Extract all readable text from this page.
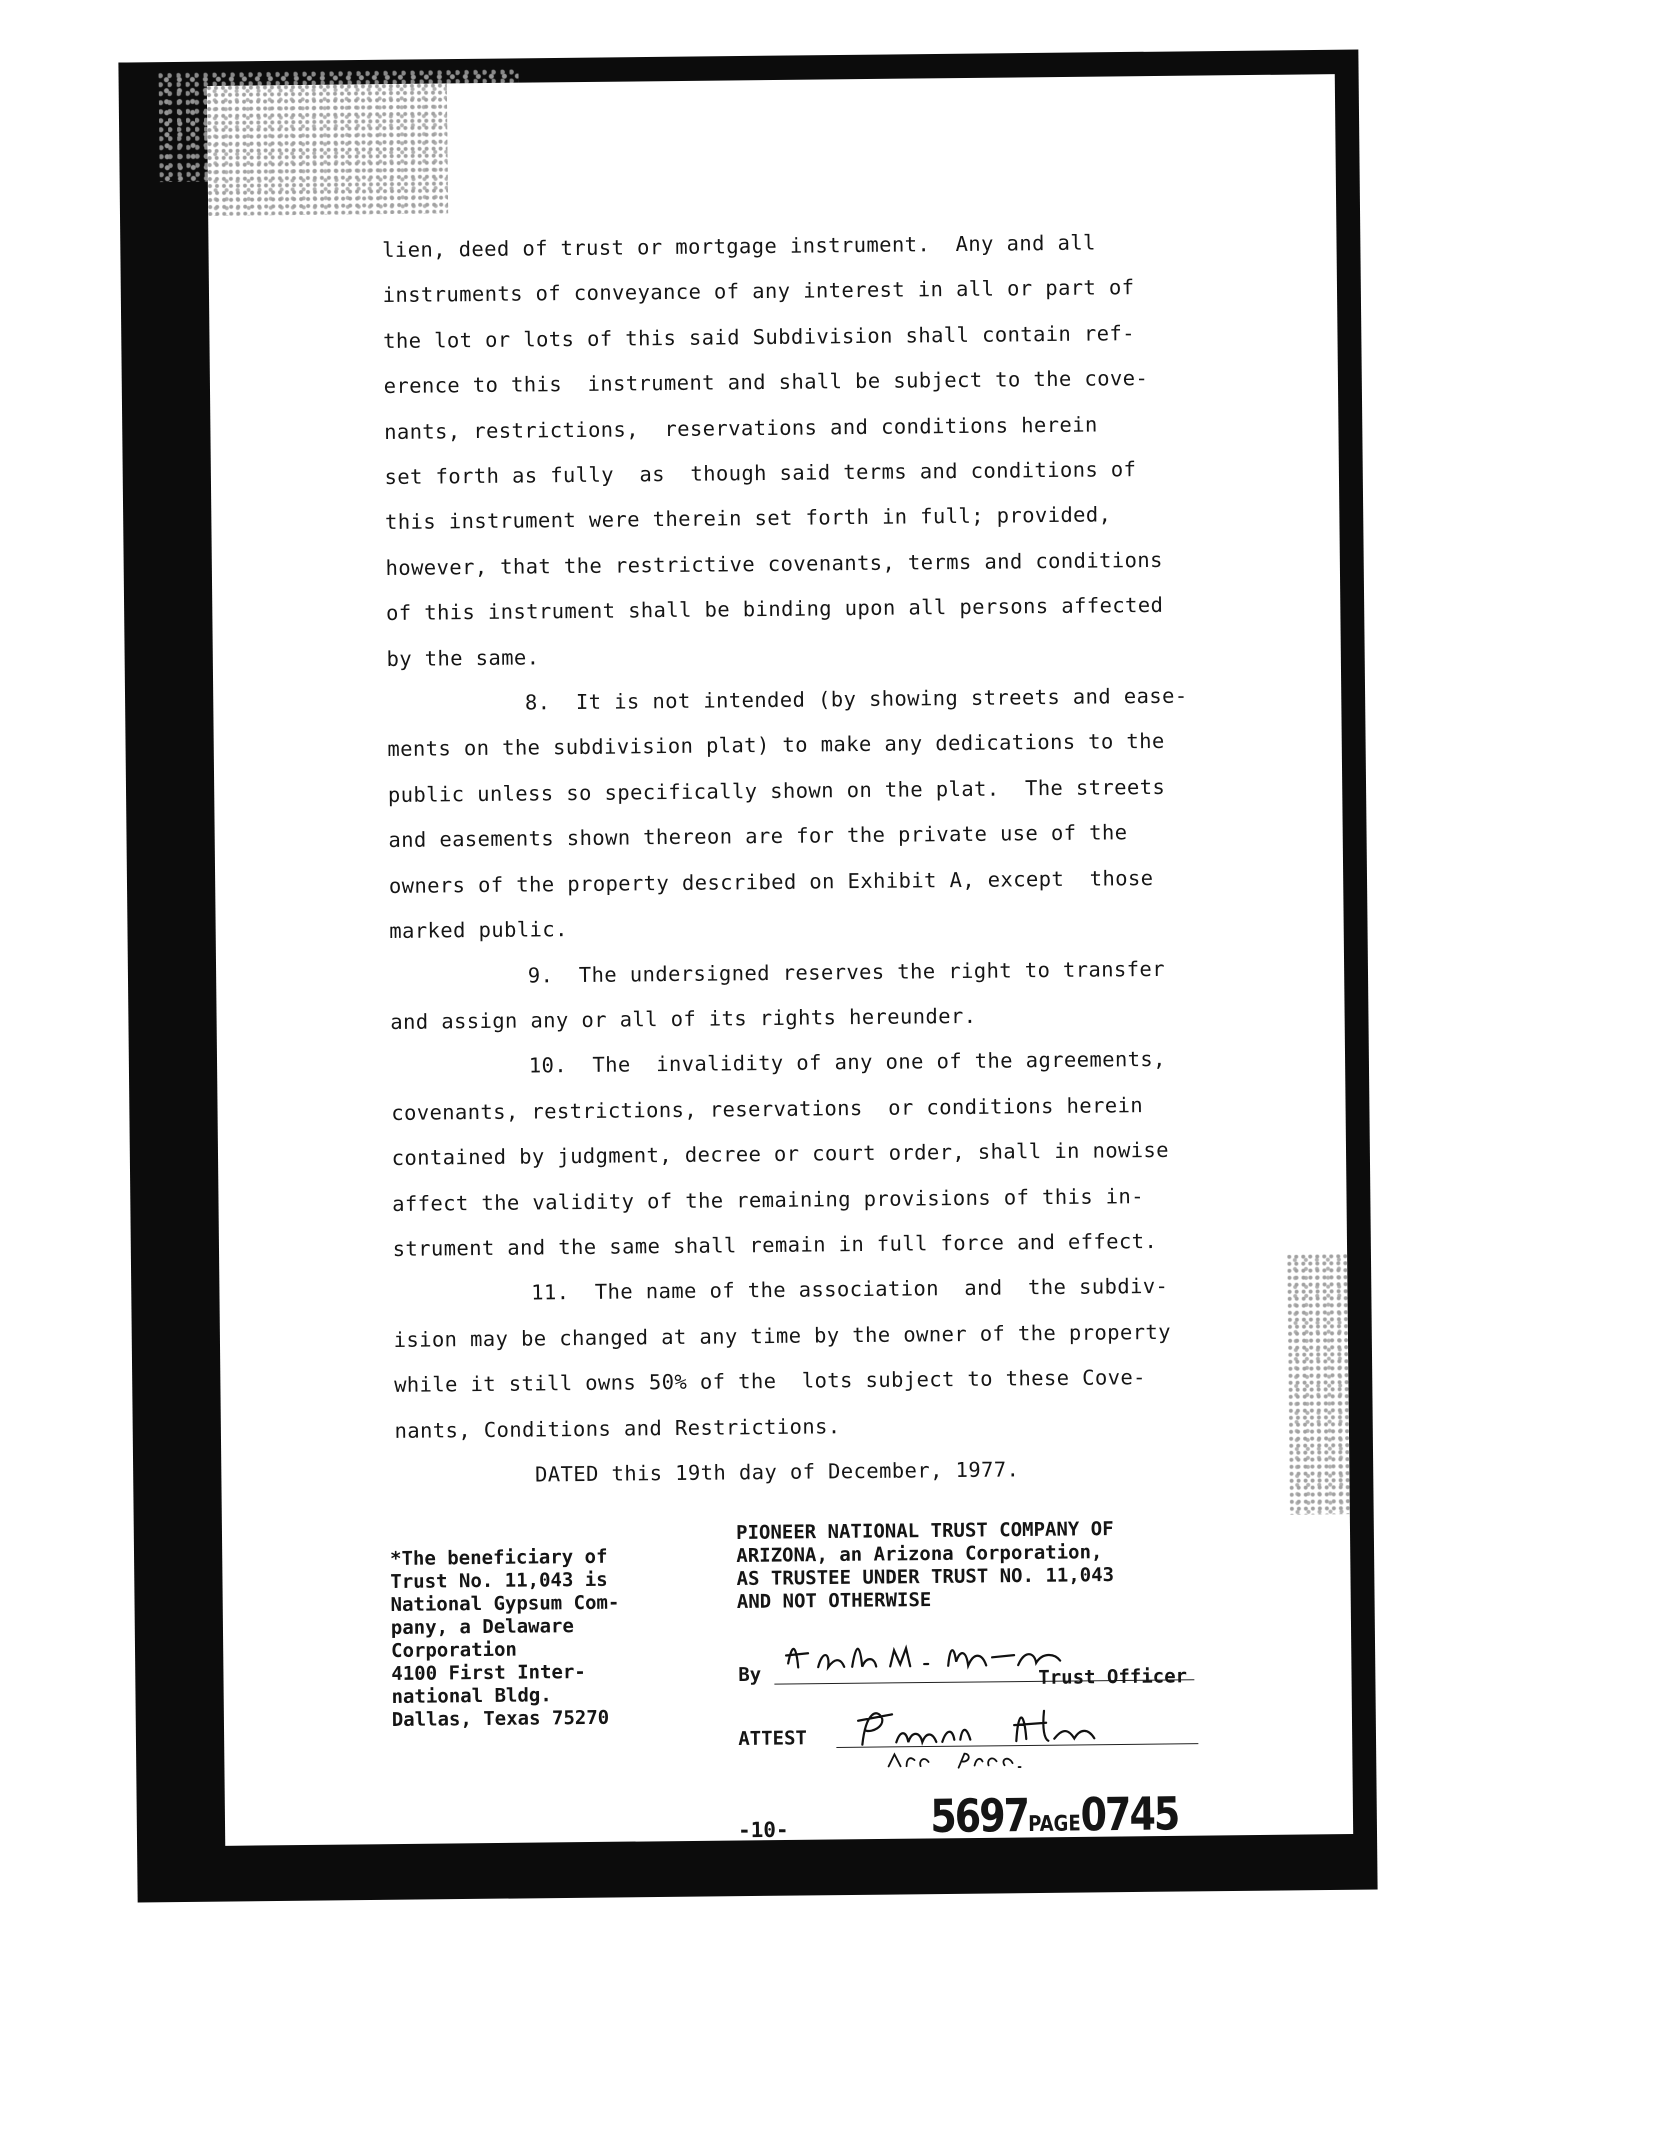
lien, deed of trust or mortgage instrument.  Any and all

instruments of conveyance of any interest in all or part of

the lot or lots of this said Subdivision shall contain ref-

erence to this  instrument and shall be subject to the cove-

nants, restrictions,  reservations and conditions herein

set forth as fully  as  though said terms and conditions of

this instrument were therein set forth in full; provided,

however, that the restrictive covenants, terms and conditions

of this instrument shall be binding upon all persons affected

by the same.

8.  It is not intended (by showing streets and ease-

ments on the subdivision plat) to make any dedications to the

public unless so specifically shown on the plat.  The streets

and easements shown thereon are for the private use of the

owners of the property described on Exhibit A, except  those

marked public.

9.  The undersigned reserves the right to transfer

and assign any or all of its rights hereunder.

10.  The  invalidity of any one of the agreements,

covenants, restrictions, reservations  or conditions herein

contained by judgment, decree or court order, shall in nowise

affect the validity of the remaining provisions of this in-

strument and the same shall remain in full force and effect.

11.  The name of the association  and  the subdiv-

ision may be changed at any time by the owner of the property

while it still owns 50% of the  lots subject to these Cove-

nants, Conditions and Restrictions.

DATED this 19th day of December, 1977.

*The beneficiary of
Trust No. 11,043 is
National Gypsum Com-
pany, a Delaware
Corporation
4100 First Inter-
national Bldg.
Dallas, Texas 75270
PIONEER NATIONAL TRUST COMPANY OF
ARIZONA, an Arizona Corporation,
AS TRUSTEE UNDER TRUST NO. 11,043
AND NOT OTHERWISE
By	Trust Officer
ATTEST
-10-	5697PAGE0745
